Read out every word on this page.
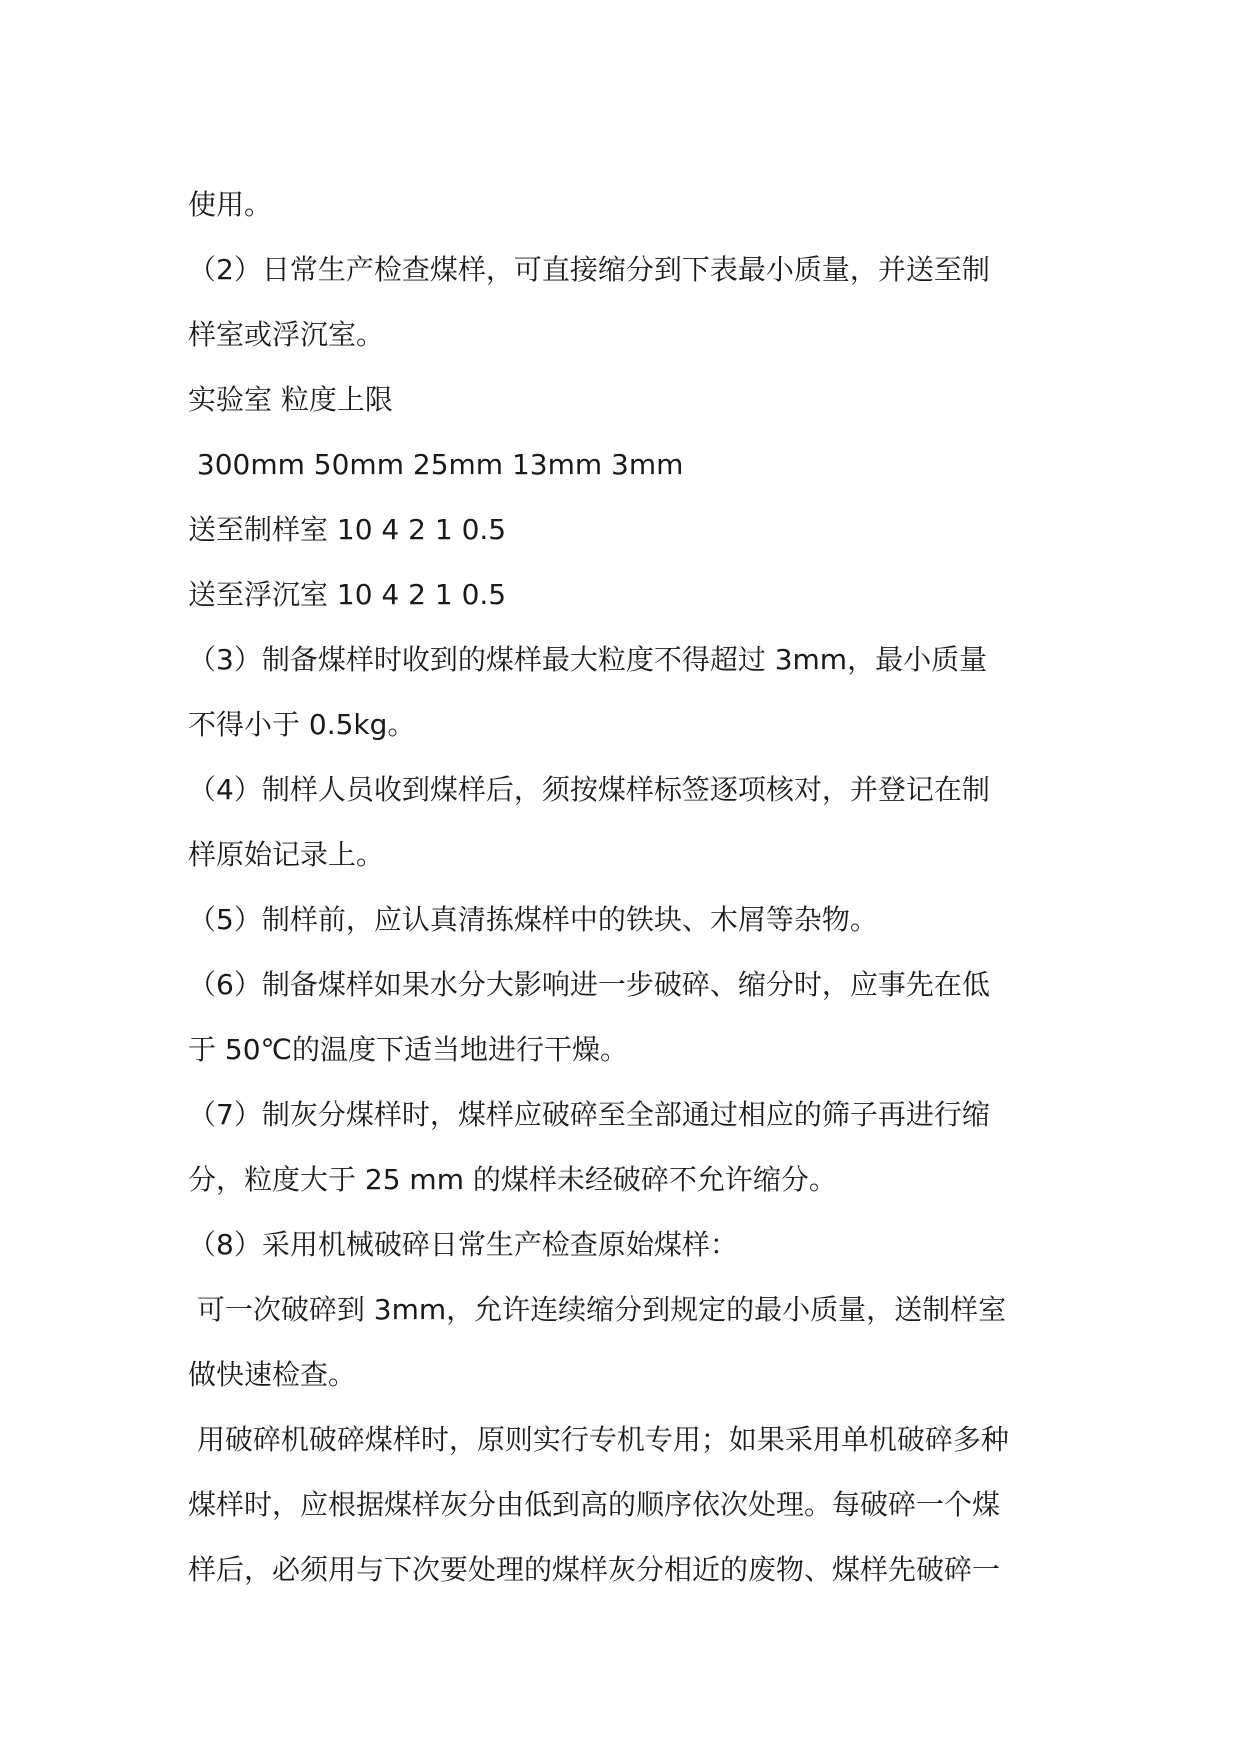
使用。

（2）日常生产检查煤样，可直接缩分到下表最小质量，并送至制

样室或浮沉室。

实验室 粒度上限

300mm 50mm 25mm 13mm 3mm

送至制样室 10 4 2 1 0.5

送至浮沉室 10 4 2 1 0.5

（3）制备煤样时收到的煤样最大粒度不得超过 3mm，最小质量

不得小于 0.5kg。

（4）制样人员收到煤样后，须按煤样标签逐项核对，并登记在制

样原始记录上。

（5）制样前，应认真清拣煤样中的铁块、木屑等杂物。

（6）制备煤样如果水分大影响进一步破碎、缩分时，应事先在低

于 50℃的温度下适当地进行干燥。

（7）制灰分煤样时，煤样应破碎至全部通过相应的筛子再进行缩

分，粒度大于 25 mm 的煤样未经破碎不允许缩分。

（8）采用机械破碎日常生产检查原始煤样：

可一次破碎到 3mm，允许连续缩分到规定的最小质量，送制样室

做快速检查。

用破碎机破碎煤样时，原则实行专机专用；如果采用单机破碎多种

煤样时，应根据煤样灰分由低到高的顺序依次处理。每破碎一个煤

样后，必须用与下次要处理的煤样灰分相近的废物、煤样先破碎一
